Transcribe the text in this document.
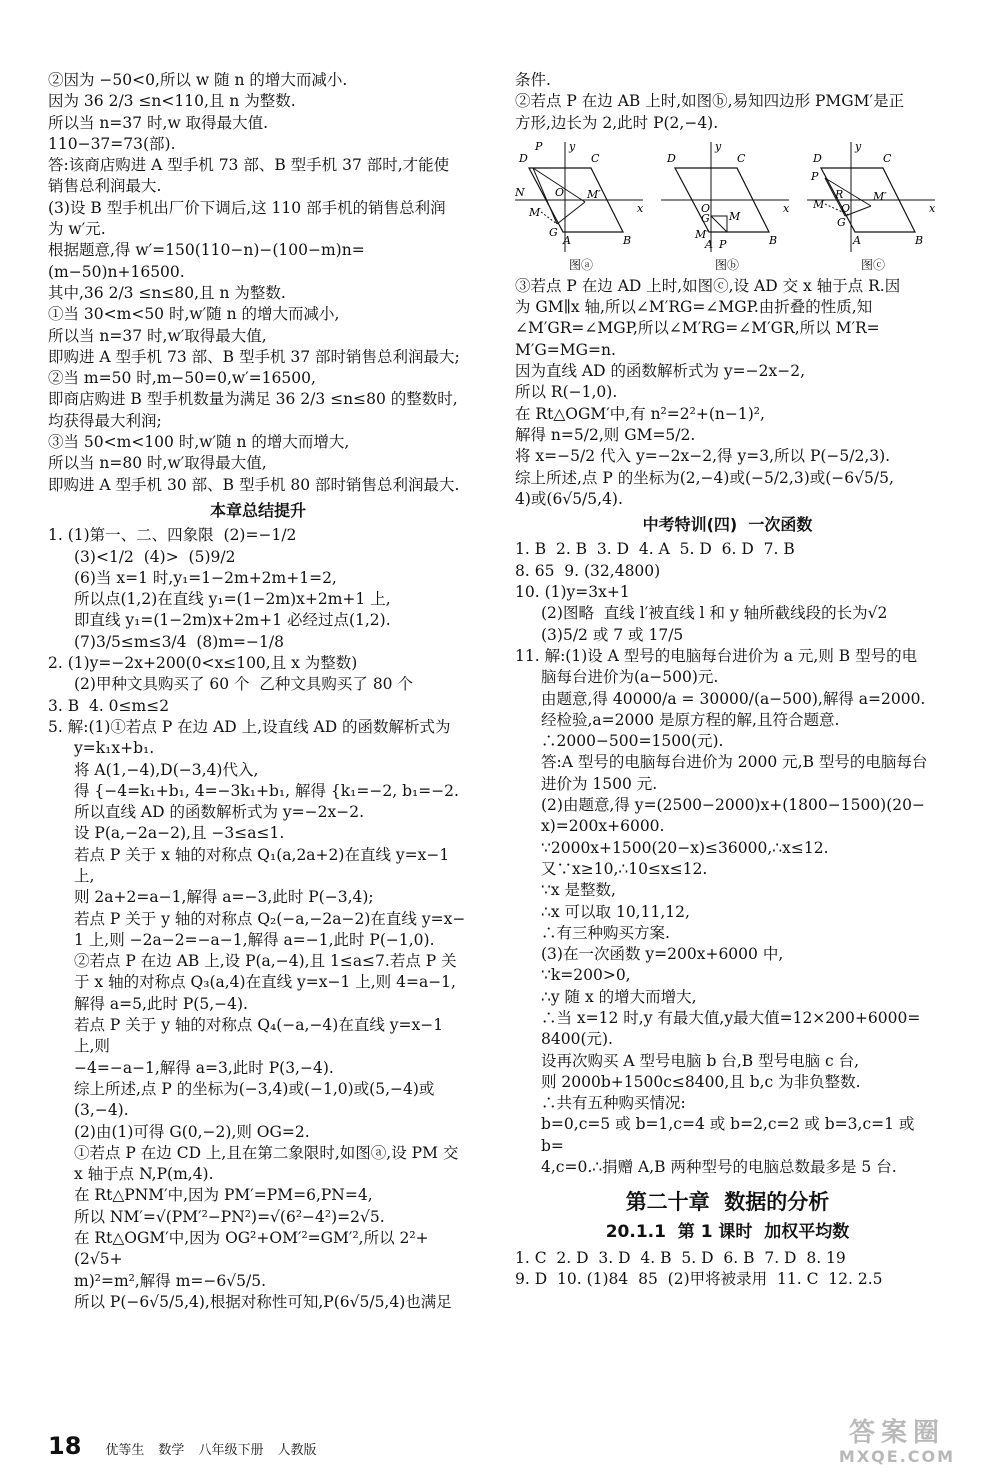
②因为 −50<0,所以 w 随 n 的增大而减小.

因为 36 2/3 ≤n<110,且 n 为整数.

所以当 n=37 时,w 取得最大值.

110−37=73(部).

答:该商店购进 A 型手机 73 部、B 型手机 37 部时,才能使

销售总利润最大.

(3)设 B 型手机出厂价下调后,这 110 部手机的销售总利润

为 w′元.

根据题意,得 w′=150(110−n)−(100−m)n=(m−50)n+16500.

其中,36 2/3 ≤n≤80,且 n 为整数.

①当 30<m<50 时,w′随 n 的增大而减小,

所以当 n=37 时,w′取得最大值,

即购进 A 型手机 73 部、B 型手机 37 部时销售总利润最大;

②当 m=50 时,m−50=0,w′=16500,

即商店购进 B 型手机数量为满足 36 2/3 ≤n≤80 的整数时,

均获得最大利润;

③当 50<m<100 时,w′随 n 的增大而增大,

所以当 n=80 时,w′取得最大值,

即购进 A 型手机 30 部、B 型手机 80 部时销售总利润最大.

本章总结提升

1. (1)第一、二、四象限  (2)=−1/2

(3)<1/2  (4)>  (5)9/2

(6)当 x=1 时,y₁=1−2m+2m+1=2,

所以点(1,2)在直线 y₁=(1−2m)x+2m+1 上,

即直线 y₁=(1−2m)x+2m+1 必经过点(1,2).

(7)3/5≤m≤3/4  (8)m=−1/8

2. (1)y=−2x+200(0<x≤100,且 x 为整数)

(2)甲种文具购买了 60 个  乙种文具购买了 80 个

3. B  4. 0≤m≤2

5. 解:(1)①若点 P 在边 AD 上,设直线 AD 的函数解析式为

y=k₁x+b₁.

将 A(1,−4),D(−3,4)代入,

得 {−4=k₁+b₁, 4=−3k₁+b₁, 解得 {k₁=−2, b₁=−2.

所以直线 AD 的函数解析式为 y=−2x−2.

设 P(a,−2a−2),且 −3≤a≤1.

若点 P 关于 x 轴的对称点 Q₁(a,2a+2)在直线 y=x−1 上,

则 2a+2=a−1,解得 a=−3,此时 P(−3,4);

若点 P 关于 y 轴的对称点 Q₂(−a,−2a−2)在直线 y=x−

1 上,则 −2a−2=−a−1,解得 a=−1,此时 P(−1,0).

②若点 P 在边 AB 上,设 P(a,−4),且 1≤a≤7.若点 P 关

于 x 轴的对称点 Q₃(a,4)在直线 y=x−1 上,则 4=a−1,

解得 a=5,此时 P(5,−4).

若点 P 关于 y 轴的对称点 Q₄(−a,−4)在直线 y=x−1 上,则

−4=−a−1,解得 a=3,此时 P(3,−4).

综上所述,点 P 的坐标为(−3,4)或(−1,0)或(5,−4)或

(3,−4).

(2)由(1)可得 G(0,−2),则 OG=2.

①若点 P 在边 CD 上,且在第二象限时,如图ⓐ,设 PM 交

x 轴于点 N,P(m,4).

在 Rt△PNM′中,因为 PM′=PM=6,PN=4,

所以 NM′=√(PM′²−PN²)=√(6²−4²)=2√5.

在 Rt△OGM′中,因为 OG²+OM′²=GM′²,所以 2²+(2√5+

m)²=m²,解得 m=−6√5/5.

所以 P(−6√5/5,4),根据对称性可知,P(6√5/5,4)也满足

条件.

②若点 P 在边 AB 上时,如图ⓑ,易知四边形 PMGM′是正

方形,边长为 2,此时 P(2,−4).

D
P
C
N	O M′
M
G
A	B
x
y
图ⓐ
D	C
O
G M
M′
A P	B
x
y
图ⓑ
D
P
C
R
O
M′
M
G
A	B
x
y
图ⓒ

③若点 P 在边 AD 上时,如图ⓒ,设 AD 交 x 轴于点 R.因

为 GM∥x 轴,所以∠M′RG=∠MGP.由折叠的性质,知

∠M′GR=∠MGP,所以∠M′RG=∠M′GR,所以 M′R=

M′G=MG=n.

因为直线 AD 的函数解析式为 y=−2x−2,

所以 R(−1,0).

在 Rt△OGM′中,有 n²=2²+(n−1)²,

解得 n=5/2,则 GM=5/2.

将 x=−5/2 代入 y=−2x−2,得 y=3,所以 P(−5/2,3).

综上所述,点 P 的坐标为(2,−4)或(−5/2,3)或(−6√5/5,

4)或(6√5/5,4).

中考特训(四)  一次函数

1. B  2. B  3. D  4. A  5. D  6. D  7. B

8. 65  9. (32,4800)

10. (1)y=3x+1

(2)图略  直线 l′被直线 l 和 y 轴所截线段的长为√2

(3)5/2 或 7 或 17/5

11. 解:(1)设 A 型号的电脑每台进价为 a 元,则 B 型号的电

脑每台进价为(a−500)元.

由题意,得 40000/a = 30000/(a−500),解得 a=2000.

经检验,a=2000 是原方程的解,且符合题意.

∴2000−500=1500(元).

答:A 型号的电脑每台进价为 2000 元,B 型号的电脑每台

进价为 1500 元.

(2)由题意,得 y=(2500−2000)x+(1800−1500)(20−

x)=200x+6000.

∵2000x+1500(20−x)≤36000,∴x≤12.

又∵x≥10,∴10≤x≤12.

∵x 是整数,

∴x 可以取 10,11,12,

∴有三种购买方案.

(3)在一次函数 y=200x+6000 中,

∵k=200>0,

∴y 随 x 的增大而增大,

∴当 x=12 时,y 有最大值,y最大值=12×200+6000=

8400(元).

设再次购买 A 型号电脑 b 台,B 型号电脑 c 台,

则 2000b+1500c≤8400,且 b,c 为非负整数.

∴共有五种购买情况:

b=0,c=5 或 b=1,c=4 或 b=2,c=2 或 b=3,c=1 或 b=

4,c=0.∴捐赠 A,B 两种型号的电脑总数最多是 5 台.

第二十章  数据的分析

20.1.1  第 1 课时  加权平均数

1. C  2. D  3. D  4. B  5. D  6. B  7. D  8. 19

9. D  10. (1)84  85  (2)甲将被录用  11. C  12. 2.5

18 优等生 数学 八年级下册 人教版
答案圈
MXQE.COM
